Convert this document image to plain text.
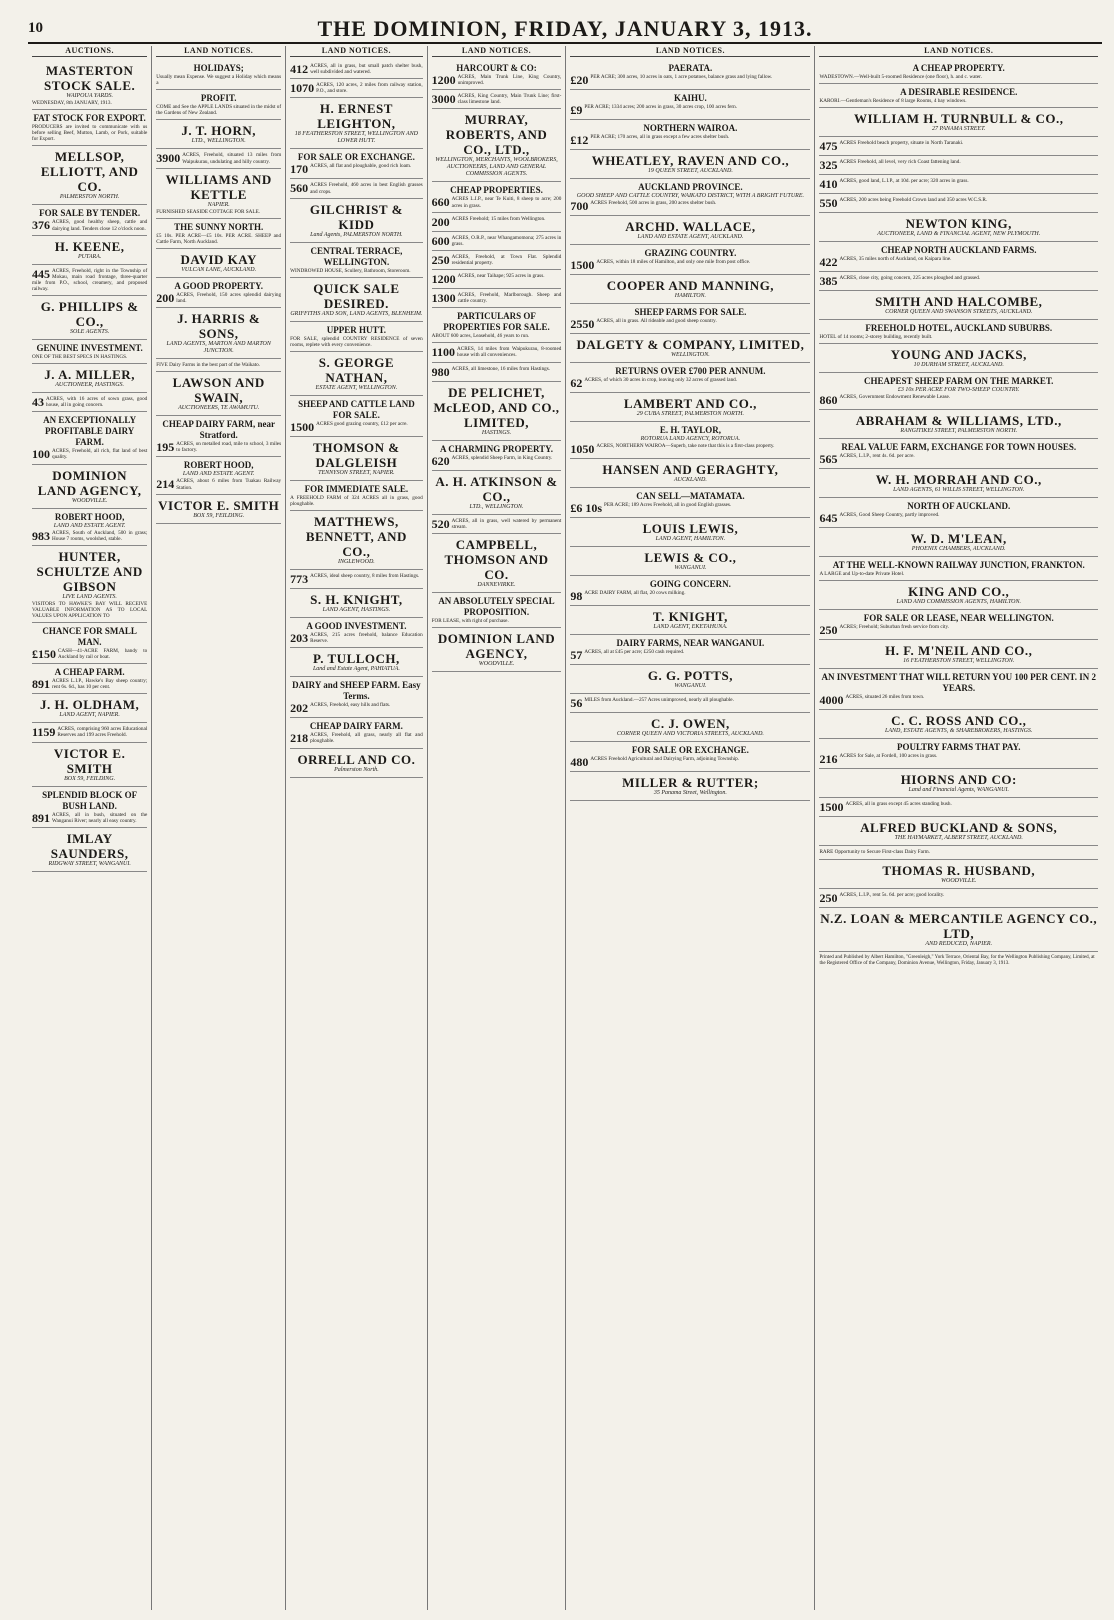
10	THE DOMINION, FRIDAY, JANUARY 3, 1913.
AUCTIONS.
MASTERTON STOCK SALE.
WAIPOUA YARDS.
WEDNESDAY, 8th JANUARY, 1913.
FAT STOCK FOR EXPORT.
PRODUCERS are invited to communicate with us before selling Beef, Mutton, Lamb, or Pork, suitable for Export.
MELLSOP, ELLIOTT, AND CO.
PALMERSTON NORTH.
FOR SALE BY TENDER.
376 ACRES, good healthy sheep, cattle and dairying land. Tenders close 12 o'clock noon.
H. KEENE,
PUTARA.
445 ACRES, Freehold, right in the Township of Mokau, main road frontage, three-quarter mile from P.O., school, creamery, and proposed railway.
G. PHILLIPS & CO.,
SOLE AGENTS.
GENUINE INVESTMENT.
ONE OF THE BEST SPECS IN HASTINGS.
J. A. MILLER,
AUCTIONEER, HASTINGS.
43 ACRES, with 16 acres of sown grass, good house, all in going concern.
AN EXCEPTIONALLY PROFITABLE DAIRY FARM.
100 ACRES, Freehold, all rich, flat land of best quality.
DOMINION LAND AGENCY,
WOODVILLE.
ROBERT HOOD,
LAND AND ESTATE AGENT.
983 ACRES, South of Auckland, 500 in grass; House 7 rooms, woolshed, stable.
HUNTER, SCHULTZE AND GIBSON
LIVE LAND AGENTS.
VISITORS TO HAWKE'S BAY WILL RECEIVE VALUABLE INFORMATION AS TO LOCAL VALUES UPON APPLICATION TO
CHANCE FOR SMALL MAN.
£150 CASH—41-ACRE FARM, handy to Auckland by rail or boat.
A CHEAP FARM.
891 ACRES L.I.P., Hawke's Bay sheep country; rent 6s. 6d., has 10 per cent.
J. H. OLDHAM,
LAND AGENT, NAPIER.
1159 ACRES, comprising 960 acres Educational Reserves and 199 acres Freehold.
VICTOR E. SMITH
BOX 59, FEILDING.
SPLENDID BLOCK OF BUSH LAND.
891 ACRES, all in bush, situated on the Wanganui River; nearly all easy country.
IMLAY SAUNDERS,
RIDGWAY STREET, WANGANUI.
LAND NOTICES.
HOLIDAYS;
Usually mean Expense. We suggest a Holiday which means a
PROFIT.
COME and See the APPLE LANDS situated in the midst of the Gardens of New Zealand.
J. T. HORN,
LTD., WELLINGTON.
3900 ACRES, Freehold, situated 13 miles from Waipukurau, undulating and hilly country.
WILLIAMS AND KETTLE
NAPIER.
FURNISHED SEASIDE COTTAGE FOR SALE.
THE SUNNY NORTH.
£5 10s. PER ACRE—£5 10s. PER ACRE. SHEEP and Cattle Farm, North Auckland.
DAVID KAY
VULCAN LANE, AUCKLAND.
A GOOD PROPERTY.
200 ACRES, Freehold, 150 acres splendid dairying land.
J. HARRIS & SONS,
LAND AGENTS, MARTON AND MARTON JUNCTION.
FIVE Dairy Farms in the best part of the Waikato.
LAWSON AND SWAIN,
AUCTIONEERS, TE AWAMUTU.
CHEAP DAIRY FARM, near Stratford.
195 ACRES, on metalled road, mile to school, 3 miles to factory.
ROBERT HOOD,
LAND AND ESTATE AGENT.
214 ACRES, about 6 miles from Tuakau Railway Station.
VICTOR E. SMITH
BOX 59, FEILDING.
LAND NOTICES.
412 ACRES, all in grass, but small patch shelter bush, well subdivided and watered.
1070 ACRES, 120 acres, 2 miles from railway station, P.O., and store.
H. ERNEST LEIGHTON,
18 FEATHERSTON STREET, WELLINGTON AND LOWER HUTT.
FOR SALE OR EXCHANGE.
170 ACRES, all flat and ploughable, good rich loam.
560 ACRES Freehold, 460 acres in best English grasses and crops.
GILCHRIST & KIDD
Land Agents, PALMERSTON NORTH.
CENTRAL TERRACE, WELLINGTON.
WINDROWED HOUSE, Scullery, Bathroom, Storeroom.
QUICK SALE DESIRED.
GRIFFITHS AND SON, LAND AGENTS, BLENHEIM.
UPPER HUTT.
FOR SALE, splendid COUNTRY RESIDENCE of seven rooms, replete with every convenience.
S. GEORGE NATHAN,
ESTATE AGENT, WELLINGTON.
SHEEP AND CATTLE LAND FOR SALE.
1500 ACRES good grazing country, £12 per acre.
THOMSON & DALGLEISH
TENNYSON STREET, NAPIER.
FOR IMMEDIATE SALE.
A FREEHOLD FARM of 324 ACRES all in grass, good ploughable.
MATTHEWS, BENNETT, AND CO.,
INGLEWOOD.
773 ACRES, ideal sheep country, 8 miles from Hastings.
S. H. KNIGHT,
LAND AGENT, HASTINGS.
A GOOD INVESTMENT.
203 ACRES, 215 acres freehold, balance Education Reserve.
P. TULLOCH,
Land and Estate Agent, PAHIATUA.
DAIRY and SHEEP FARM. Easy Terms.
202 ACRES, Freehold, easy hills and flats.
CHEAP DAIRY FARM.
218 ACRES, Freehold, all grass, nearly all flat and ploughable.
ORRELL AND CO.
Palmerston North.
LAND NOTICES.
HARCOURT & CO:
1200 ACRES, Main Trunk Line, King Country, unimproved.
3000 ACRES, King Country, Main Trunk Line; first-class limestone land.
MURRAY, ROBERTS, AND CO., LTD.,
WELLINGTON, MERCHANTS, WOOLBROKERS, AUCTIONEERS, LAND AND GENERAL COMMISSION AGENTS.
CHEAP PROPERTIES.
660 ACRES L.I.P., near Te Kuiti, 8 sheep to acre; 200 acres in grass.
200 ACRES Freehold; 15 miles from Wellington.
600 ACRES, O.R.P., near Whangamomona; 275 acres in grass.
250 ACRES, Freehold, at Town Flat. Splendid residential property.
1200 ACRES, near Taihape; 925 acres in grass.
1300 ACRES, Freehold, Marlborough. Sheep and cattle country.
PARTICULARS OF PROPERTIES FOR SALE.
ABOUT 600 acres, Leasehold, 46 years to run.
1100 ACRES, 14 miles from Waipukurau, 8-roomed house with all conveniences.
980 ACRES, all limestone, 16 miles from Hastings.
DE PELICHET, McLEOD, AND CO., LIMITED,
HASTINGS.
A CHARMING PROPERTY.
620 ACRES, splendid Sheep Farm, in King Country.
A. H. ATKINSON & CO.,
LTD., WELLINGTON.
520 ACRES, all in grass, well watered by permanent stream.
CAMPBELL, THOMSON AND CO.
DANNEVIRKE.
AN ABSOLUTELY SPECIAL PROPOSITION.
FOR LEASE, with right of purchase.
DOMINION LAND AGENCY,
WOODVILLE.
LAND NOTICES.
PAERATA.
£20 PER ACRE; 300 acres, 10 acres in oats, 1 acre potatoes, balance grass and lying fallow.
KAIHU.
£9 PER ACRE; 1334 acres; 200 acres in grass, 30 acres crop, 100 acres fern.
NORTHERN WAIROA.
£12 PER ACRE; 170 acres, all in grass except a few acres shelter bush.
WHEATLEY, RAVEN AND CO.,
19 QUEEN STREET, AUCKLAND.
AUCKLAND PROVINCE.
GOOD SHEEP AND CATTLE COUNTRY, WAIKATO DISTRICT, WITH A BRIGHT FUTURE.
700 ACRES Freehold, 500 acres in grass, 200 acres shelter bush.
ARCHD. WALLACE,
LAND AND ESTATE AGENT, AUCKLAND.
GRAZING COUNTRY.
1500 ACRES, within 18 miles of Hamilton, and only one mile from post office.
COOPER AND MANNING,
HAMILTON.
SHEEP FARMS FOR SALE.
2550 ACRES, all in grass. All rideable and good sheep country.
DALGETY & COMPANY, LIMITED,
WELLINGTON.
RETURNS OVER £700 PER ANNUM.
62 ACRES, of which 30 acres in crop, leaving only 32 acres of grassed land.
LAMBERT AND CO.,
29 CUBA STREET, PALMERSTON NORTH.
E. H. TAYLOR,
ROTORUA LAND AGENCY, ROTORUA.
1050 ACRES, NORTHERN WAIROA—Superb, take note that this is a first-class property.
HANSEN AND GERAGHTY,
AUCKLAND.
CAN SELL—MATAMATA.
£6 10s PER ACRE; 189 Acres Freehold, all in good English grasses.
LOUIS LEWIS,
LAND AGENT, HAMILTON.
LEWIS & CO.,
WANGANUI.
GOING CONCERN.
98 ACRE DAIRY FARM, all flat, 20 cows milking.
T. KNIGHT,
LAND AGENT, EKETAHUNA.
DAIRY FARMS, NEAR WANGANUI.
57 ACRES, all at £45 per acre; £250 cash required.
G. G. POTTS,
WANGANUI.
56 MILES from Auckland.—257 Acres unimproved, nearly all ploughable.
C. J. OWEN,
CORNER QUEEN AND VICTORIA STREETS, AUCKLAND.
FOR SALE OR EXCHANGE.
480 ACRES Freehold Agricultural and Dairying Farm, adjoining Township.
MILLER & RUTTER;
35 Panama Street, Wellington.
LAND NOTICES.
A CHEAP PROPERTY.
WADESTOWN.—Well-built 5-roomed Residence (one floor), h. and c. water.
A DESIRABLE RESIDENCE.
KARORI.—Gentleman's Residence of 8 large Rooms, 4 bay windows.
WILLIAM H. TURNBULL & CO.,
27 PANAMA STREET.
475 ACRES Freehold beach property, situate in North Taranaki.
325 ACRES Freehold, all level, very rich Coast fattening land.
410 ACRES, good land, L.I.P., at 10d. per acre; 320 acres in grass.
550 ACRES, 200 acres being Freehold Crown land and 350 acres W.C.S.R.
NEWTON KING,
AUCTIONEER, LAND & FINANCIAL AGENT, NEW PLYMOUTH.
CHEAP NORTH AUCKLAND FARMS.
422 ACRES, 35 miles north of Auckland, on Kaipara line.
385 ACRES, close city, going concern, 225 acres ploughed and grassed.
SMITH AND HALCOMBE,
CORNER QUEEN AND SWANSON STREETS, AUCKLAND.
FREEHOLD HOTEL, AUCKLAND SUBURBS.
HOTEL of 14 rooms; 2-storey building, recently built.
YOUNG AND JACKS,
10 DURHAM STREET, AUCKLAND.
CHEAPEST SHEEP FARM ON THE MARKET.
£3 10s PER ACRE FOR TWO-SHEEP COUNTRY.
860 ACRES, Government Endowment Renewable Lease.
ABRAHAM & WILLIAMS, LTD.,
RANGITIKEI STREET, PALMERSTON NORTH.
REAL VALUE FARM, EXCHANGE FOR TOWN HOUSES.
565 ACRES, L.I.P., rent 4s. 6d. per acre.
W. H. MORRAH AND CO.,
LAND AGENTS, 61 WILLIS STREET, WELLINGTON.
NORTH OF AUCKLAND.
645 ACRES, Good Sheep Country, partly improved.
W. D. M'LEAN,
PHOENIX CHAMBERS, AUCKLAND.
AT THE WELL-KNOWN RAILWAY JUNCTION, FRANKTON.
A LARGE and Up-to-date Private Hotel.
KING AND CO.,
LAND AND COMMISSION AGENTS, HAMILTON.
FOR SALE OR LEASE, NEAR WELLINGTON.
250 ACRES; Freehold; Suburban fresh service from city.
H. F. M'NEIL AND CO.,
16 FEATHERSTON STREET, WELLINGTON.
AN INVESTMENT THAT WILL RETURN YOU 100 PER CENT. IN 2 YEARS.
4000 ACRES, situated 26 miles from town.
C. C. ROSS AND CO.,
LAND, ESTATE AGENTS, & SHAREBROKERS, HASTINGS.
POULTRY FARMS THAT PAY.
216 ACRES for Sale, at Fordell, 100 acres in grass.
HIORNS AND CO:
Land and Financial Agents, WANGANUI.
1500 ACRES, all in grass except 45 acres standing bush.
ALFRED BUCKLAND & SONS,
THE HAYMARKET, ALBERT STREET, AUCKLAND.
RARE Opportunity to Secure First-class Dairy Farm.
THOMAS R. HUSBAND,
WOODVILLE.
250 ACRES, L.I.P., rent 5s. 6d. per acre; good locality.
N.Z. LOAN & MERCANTILE AGENCY CO., LTD,
AND REDUCED, NAPIER.
Printed and Published by Albert Hamilton, "Greenleigh," York Terrace, Oriental Bay, for the Wellington Publishing Company, Limited, at the Registered Office of the Company, Dominion Avenue, Wellington, Friday, January 3, 1913.
